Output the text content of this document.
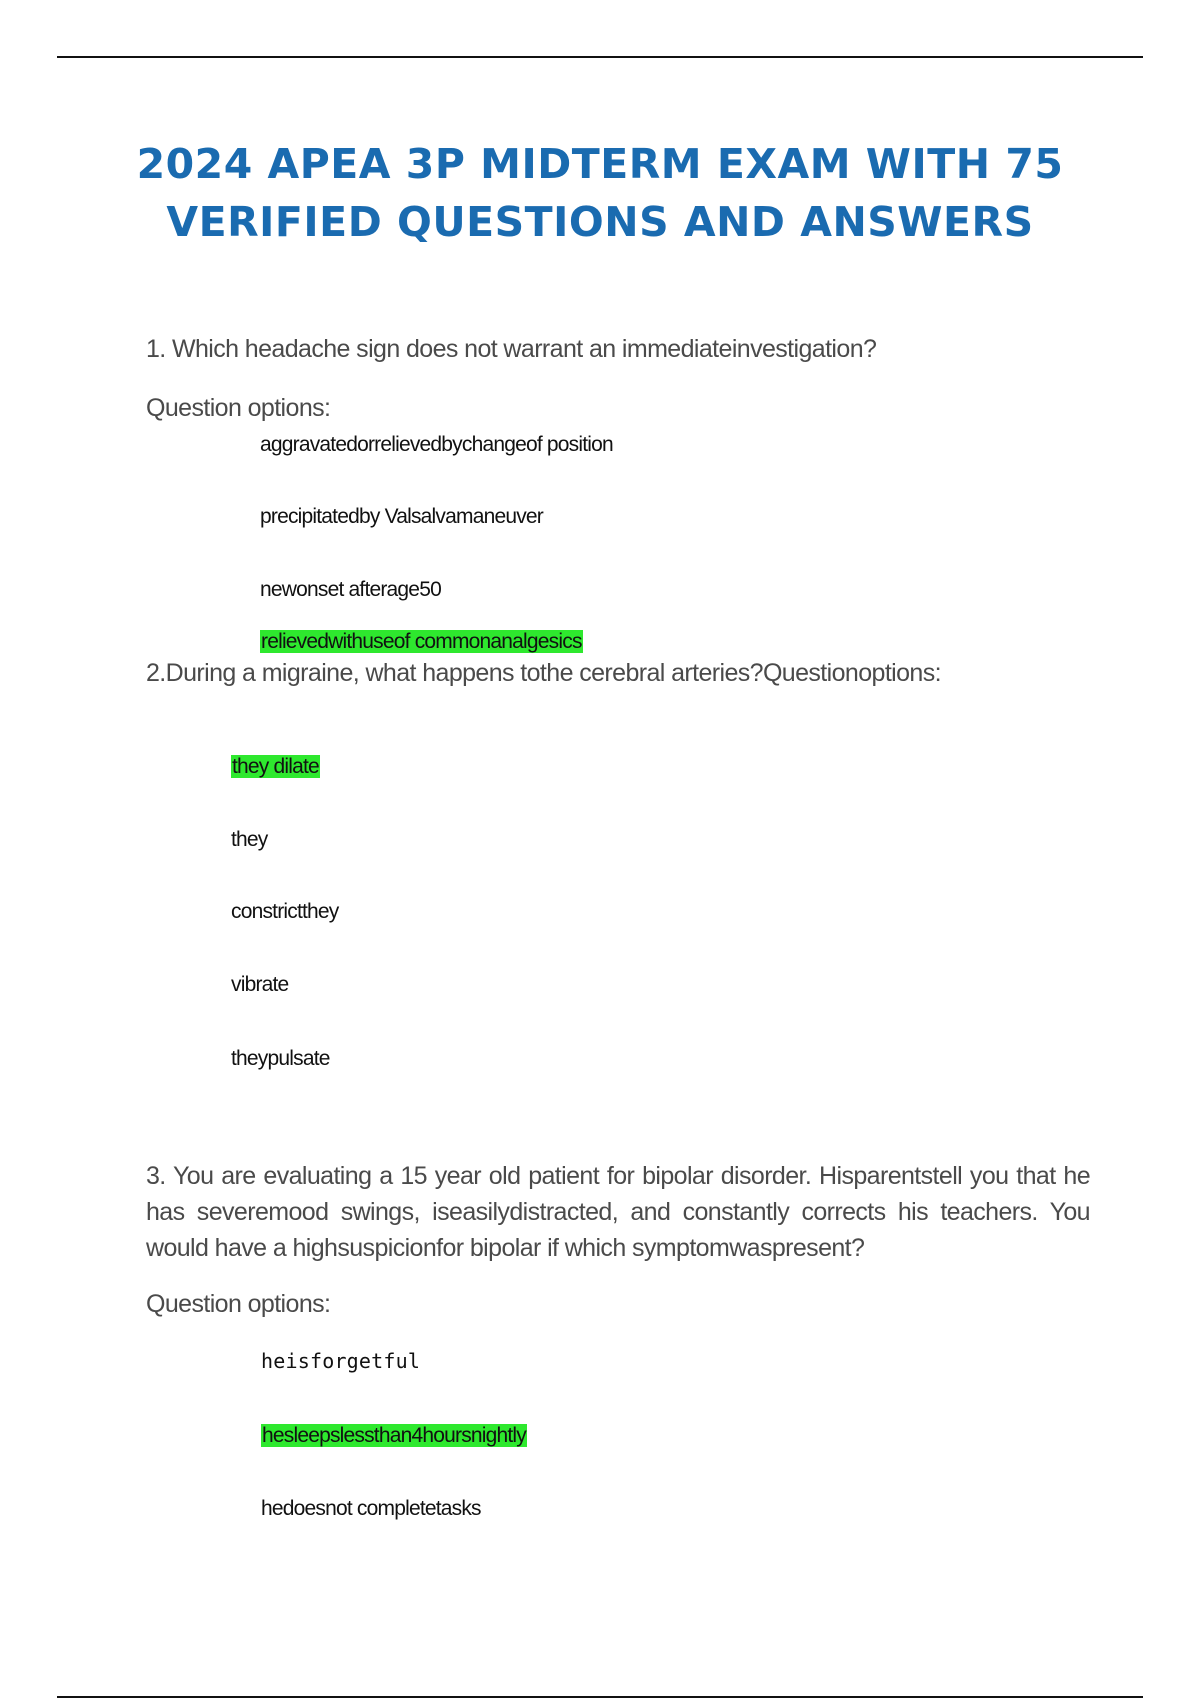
2024 APEA 3P MIDTERM EXAM WITH 75
VERIFIED QUESTIONS AND ANSWERS

1. Which headache sign does not warrant an immediateinvestigation?

Question options:

aggravatedorrelievedbychangeof position

precipitatedby Valsalvamaneuver

newonset afterage50

relievedwithuseof commonanalgesics

2.During a migraine, what happens tothe cerebral arteries?Questionoptions:

they dilate

they

constrictthey

vibrate

theypulsate

3. You are evaluating a 15 year old patient for bipolar disorder. Hisparentstell you that he has severemood swings, iseasilydistracted, and constantly corrects his teachers. You would have a highsuspicionfor bipolar if which symptomwaspresent?

Question options:

heisforgetful

hesleepslessthan4hoursnightly

hedoesnot completetasks
